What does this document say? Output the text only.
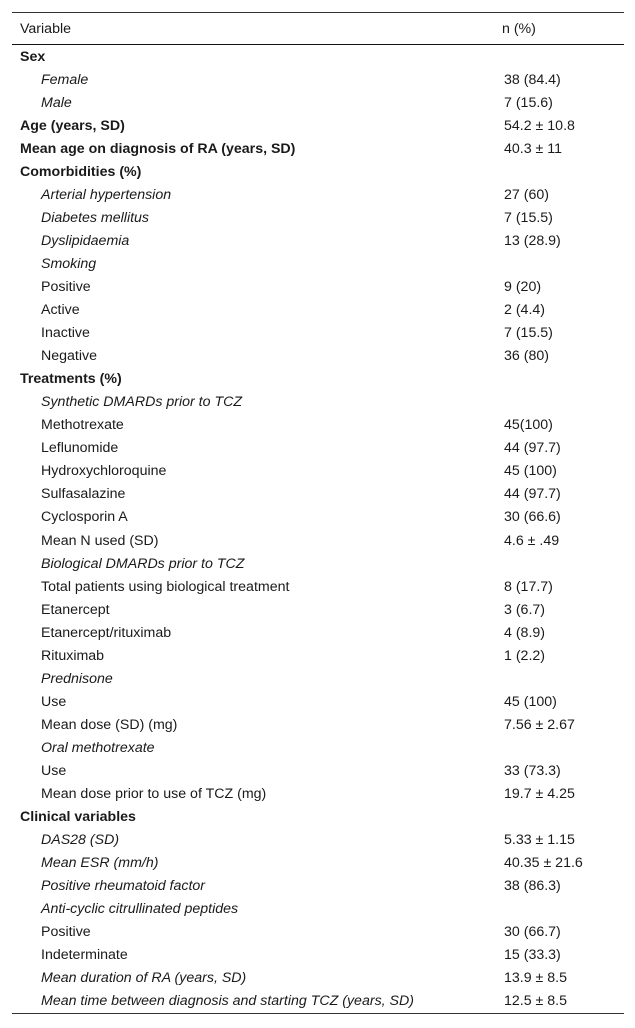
Variable	n (%)
Sex	
Female	38 (84.4)
Male	7 (15.6)
Age (years, SD)	54.2 ± 10.8
Mean age on diagnosis of RA (years, SD)	40.3 ± 11
Comorbidities (%)	
Arterial hypertension	27 (60)
Diabetes mellitus	7 (15.5)
Dyslipidaemia	13 (28.9)
Smoking	
Positive	9 (20)
Active	2 (4.4)
Inactive	7 (15.5)
Negative	36 (80)
Treatments (%)	
Synthetic DMARDs prior to TCZ	
Methotrexate	45(100)
Leflunomide	44 (97.7)
Hydroxychloroquine	45 (100)
Sulfasalazine	44 (97.7)
Cyclosporin A	30 (66.6)
Mean N used (SD)	4.6 ± .49
Biological DMARDs prior to TCZ	
Total patients using biological treatment	8 (17.7)
Etanercept	3 (6.7)
Etanercept/rituximab	4 (8.9)
Rituximab	1 (2.2)
Prednisone	
Use	45 (100)
Mean dose (SD) (mg)	7.56 ± 2.67
Oral methotrexate	
Use	33 (73.3)
Mean dose prior to use of TCZ (mg)	19.7 ± 4.25
Clinical variables	
DAS28 (SD)	5.33 ± 1.15
Mean ESR (mm/h)	40.35 ± 21.6
Positive rheumatoid factor	38 (86.3)
Anti-cyclic citrullinated peptides	
Positive	30 (66.7)
Indeterminate	15 (33.3)
Mean duration of RA (years, SD)	13.9 ± 8.5
Mean time between diagnosis and starting TCZ (years, SD)	12.5 ± 8.5
